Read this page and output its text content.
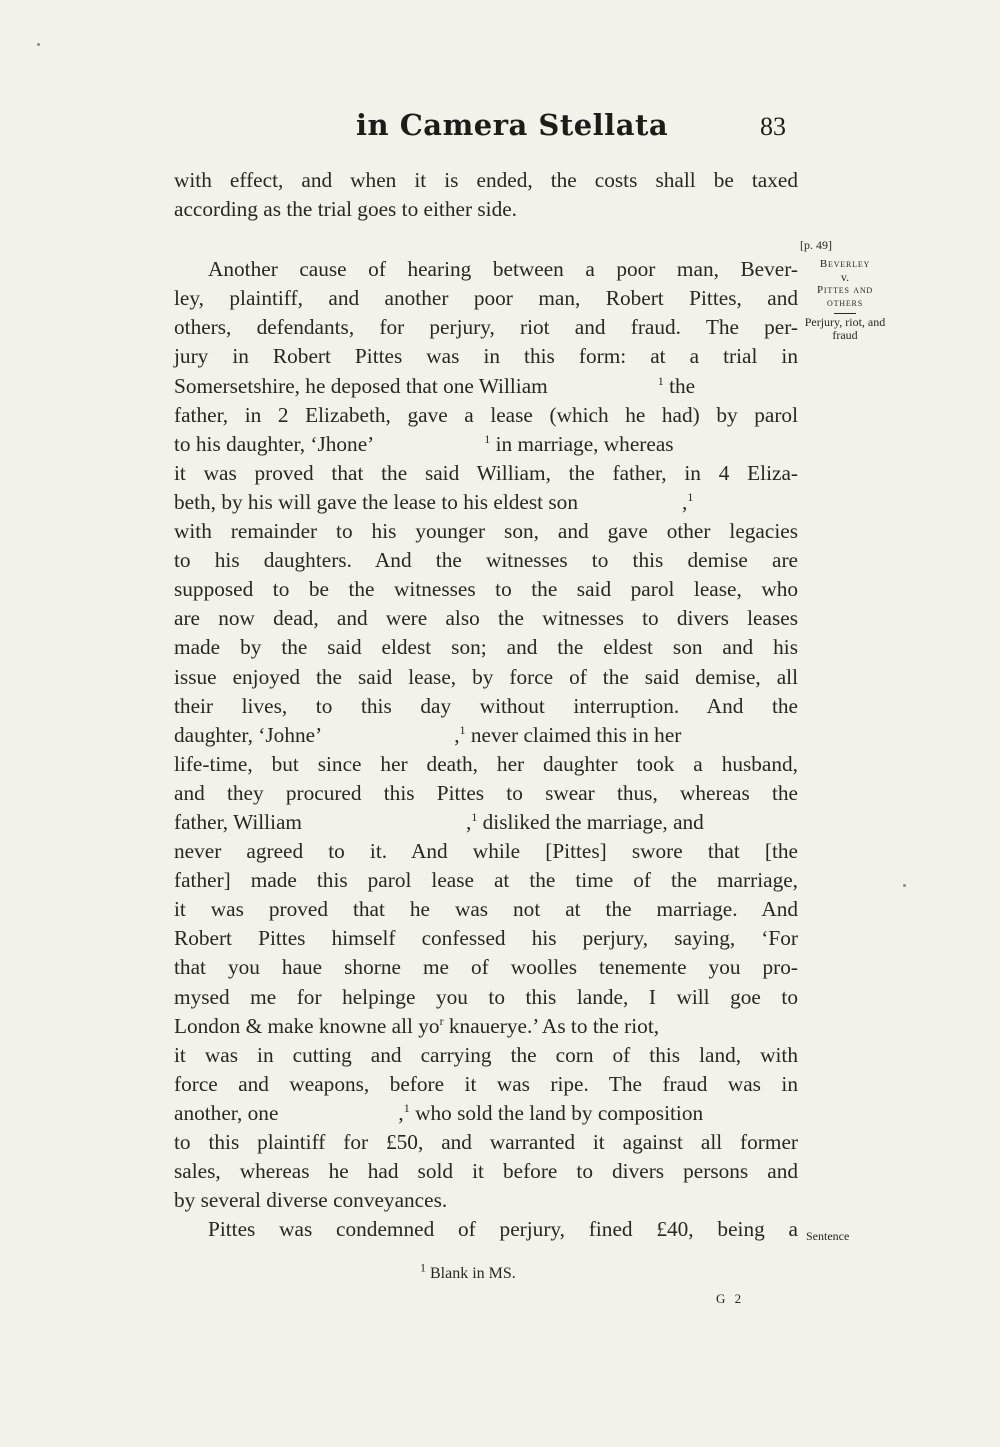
in Camera Stellata	83
with effect, and when it is ended, the costs shall be taxed
according as the trial goes to either side.
Another cause of hearing between a poor man, Bever-
ley, plaintiff, and another poor man, Robert Pittes, and
others, defendants, for perjury, riot and fraud. The per-
jury in Robert Pittes was in this form: at a trial in
Somersetshire, he deposed that one William	$^1$ the
father, in 2 Elizabeth, gave a lease (which he had) by parol
to his daughter, ‘Jhone’	$^1$ in marriage, whereas
it was proved that the said William, the father, in 4 Eliza-
beth, by his will gave the lease to his eldest son	,$^1$
with remainder to his younger son, and gave other legacies
to his daughters. And the witnesses to this demise are
supposed to be the witnesses to the said parol lease, who
are now dead, and were also the witnesses to divers leases
made by the said eldest son; and the eldest son and his
issue enjoyed the said lease, by force of the said demise, all
their lives, to this day without interruption. And the
daughter, ‘Johne’	,$^1$ never claimed this in her
life-time, but since her death, her daughter took a husband,
and they procured this Pittes to swear thus, whereas the
father, William	,$^1$ disliked the marriage, and
never agreed to it. And while [Pittes] swore that [the
father] made this parol lease at the time of the marriage,
it was proved that he was not at the marriage. And
Robert Pittes himself confessed his perjury, saying, ‘For
that you haue shorne me of woolles tenemente you pro-
mysed me for helpinge you to this lande, I will goe to
London & make knowne all $yo^r$ knauerye.’ As to the riot,
it was in cutting and carrying the corn of this land, with
force and weapons, before it was ripe. The fraud was in
another, one	,$^1$ who sold the land by composition
to this plaintiff for £50, and warranted it against all former
sales, whereas he had sold it before to divers persons and
by several diverse conveyances.
Pittes was condemned of perjury, fined £40, being a
[p. 49]
Beverley
v.
Pittes and others
Perjury, riot, and fraud
Sentence
$^1$ Blank in MS.
G 2
